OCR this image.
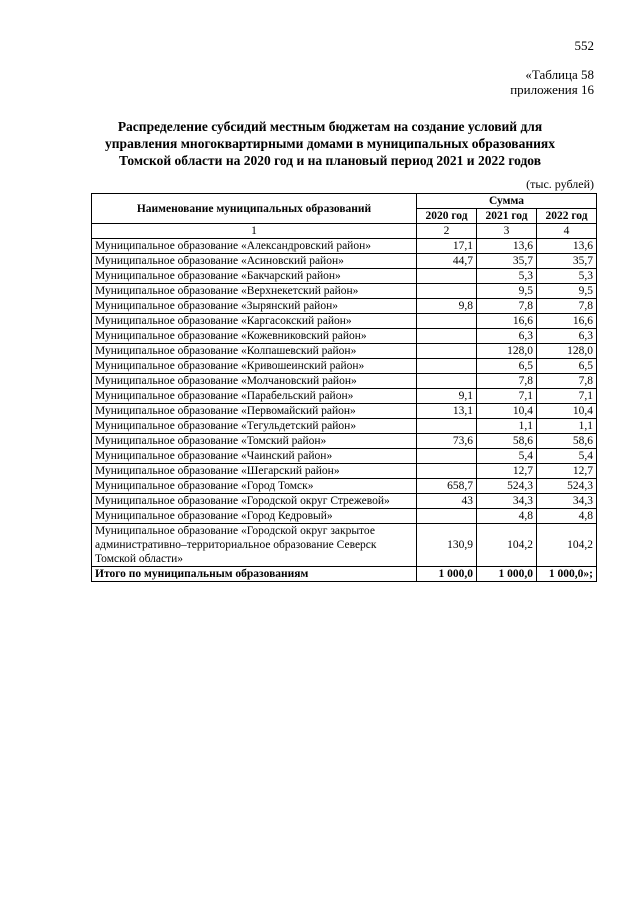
552
«Таблица 58
приложения 16
Распределение субсидий местным бюджетам на создание условий для
управления многоквартирными домами в муниципальных образованиях
Томской области на 2020 год и на плановый период 2021 и 2022 годов
(тыс. рублей)
Наименование муниципальных образований	Сумма		
	2020 год	2021 год	2022 год
1	2	3	4
Муниципальное образование «Александровский район»	17,1	13,6	13,6
Муниципальное образование «Асиновский район»	44,7	35,7	35,7
Муниципальное образование «Бакчарский район»		5,3	5,3
Муниципальное образование «Верхнекетский район»		9,5	9,5
Муниципальное образование «Зырянский район»	9,8	7,8	7,8
Муниципальное образование «Каргасокский район»		16,6	16,6
Муниципальное образование «Кожевниковский район»		6,3	6,3
Муниципальное образование «Колпашевский район»		128,0	128,0
Муниципальное образование «Кривошеинский район»		6,5	6,5
Муниципальное образование «Молчановский район»		7,8	7,8
Муниципальное образование «Парабельский район»	9,1	7,1	7,1
Муниципальное образование «Первомайский район»	13,1	10,4	10,4
Муниципальное образование «Тегульдетский район»		1,1	1,1
Муниципальное образование «Томский район»	73,6	58,6	58,6
Муниципальное образование «Чаинский район»		5,4	5,4
Муниципальное образование «Шегарский район»		12,7	12,7
Муниципальное образование «Город Томск»	658,7	524,3	524,3
Муниципальное образование «Городской округ Стрежевой»	43	34,3	34,3
Муниципальное образование «Город Кедровый»		4,8	4,8
Муниципальное образование «Городской округ закрытое административно–территориальное образование Северск Томской области»	130,9	104,2	104,2
Итого по муниципальным образованиям	1 000,0	1 000,0	1 000,0»;
